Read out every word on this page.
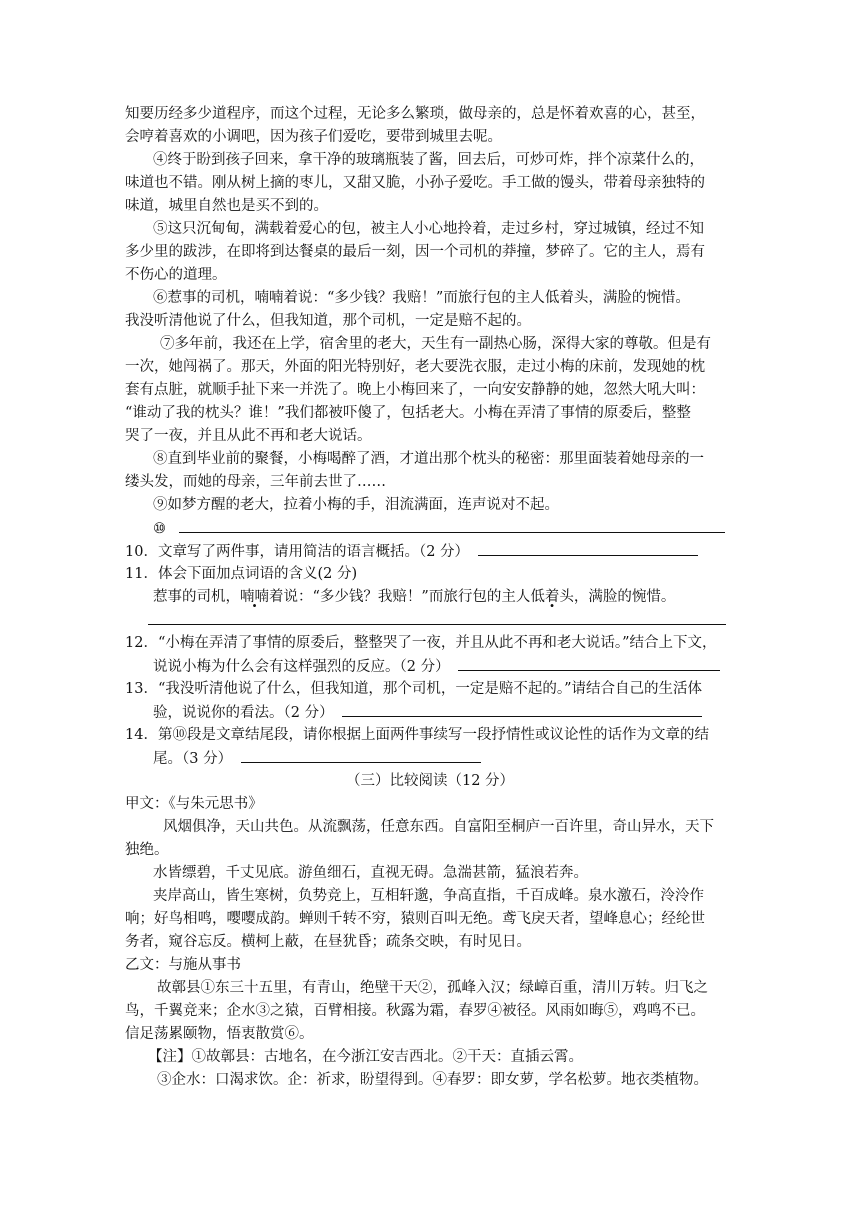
知要历经多少道程序，而这个过程，无论多么繁琐，做母亲的，总是怀着欢喜的心，甚至，
会哼着喜欢的小调吧，因为孩子们爱吃，要带到城里去呢。
④终于盼到孩子回来，拿干净的玻璃瓶装了酱，回去后，可炒可炸，拌个凉菜什么的，
味道也不错。刚从树上摘的枣儿，又甜又脆，小孙子爱吃。手工做的馒头，带着母亲独特的
味道，城里自然也是买不到的。
⑤这只沉甸甸，满载着爱心的包，被主人小心地拎着，走过乡村，穿过城镇，经过不知
多少里的跋涉，在即将到达餐桌的最后一刻，因一个司机的莽撞，梦碎了。它的主人，焉有
不伤心的道理。
⑥惹事的司机，喃喃着说：“多少钱？我赔！”而旅行包的主人低着头，满脸的惋惜。
我没听清他说了什么，但我知道，那个司机，一定是赔不起的。
⑦多年前，我还在上学，宿舍里的老大，天生有一副热心肠，深得大家的尊敬。但是有
一次，她闯祸了。那天，外面的阳光特别好，老大要洗衣服，走过小梅的床前，发现她的枕
套有点脏，就顺手扯下来一并洗了。晚上小梅回来了，一向安安静静的她，忽然大吼大叫：
“谁动了我的枕头？谁！”我们都被吓傻了，包括老大。小梅在弄清了事情的原委后，整整
哭了一夜，并且从此不再和老大说话。
⑧直到毕业前的聚餐，小梅喝醉了酒，才道出那个枕头的秘密：那里面装着她母亲的一
缕头发，而她的母亲，三年前去世了……
⑨如梦方醒的老大，拉着小梅的手，泪流满面，连声说对不起。
⑩
10．文章写了两件事，请用简洁的语言概括。（2 分）
11．体会下面加点词语的含义(2 分)
惹事的司机，喃喃着说：“多少钱？我赔！”而旅行包的主人低着头，满脸的惋惜。
12．“小梅在弄清了事情的原委后，整整哭了一夜，并且从此不再和老大说话。”结合上下文，
说说小梅为什么会有这样强烈的反应。（2 分）
13．“我没听清他说了什么，但我知道，那个司机，一定是赔不起的。”请结合自己的生活体
验，说说你的看法。（2 分）
14．第⑩段是文章结尾段，请你根据上面两件事续写一段抒情性或议论性的话作为文章的结
尾。（3 分）
（三）比较阅读（12 分）
甲文：《与朱元思书》
风烟俱净，天山共色。从流飘荡，任意东西。自富阳至桐庐一百许里，奇山异水，天下
独绝。
水皆缥碧，千丈见底。游鱼细石，直视无碍。急湍甚箭，猛浪若奔。
夹岸高山，皆生寒树，负势竞上，互相轩邈，争高直指，千百成峰。泉水激石，泠泠作
响；好鸟相鸣，嘤嘤成韵。蝉则千转不穷，猿则百叫无绝。鸢飞戾天者，望峰息心；经纶世
务者，窥谷忘反。横柯上蔽，在昼犹昏；疏条交映，有时见日。
乙文：与施从事书
故鄣县①东三十五里，有青山，绝壁干天②，孤峰入汉；绿嶂百重，清川万转。归飞之
鸟，千翼竞来；企水③之猿，百臂相接。秋露为霜，春罗④被径。风雨如晦⑤，鸡鸣不已。
信足荡累颐物，悟衷散赏⑥。
【注】①故鄣县：古地名，在今浙江安吉西北。②干天：直插云霄。
③企水：口渴求饮。企：祈求，盼望得到。④春罗：即女萝，学名松萝。地衣类植物。
